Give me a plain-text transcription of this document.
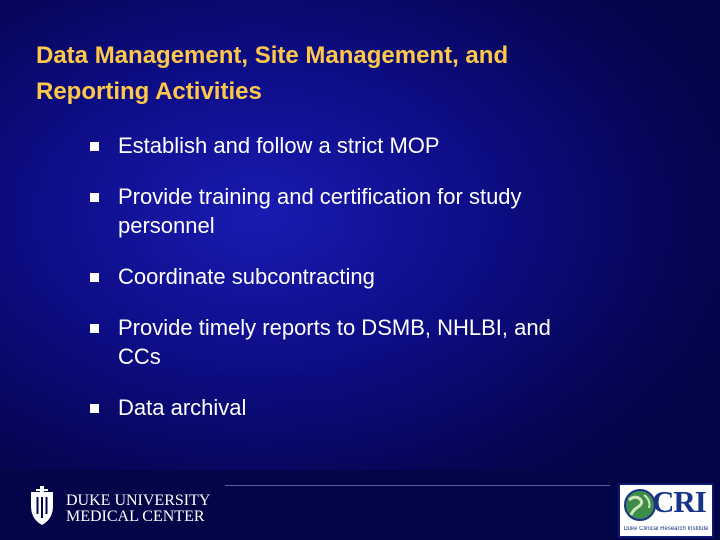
Data Management, Site Management, and
Reporting Activities
Establish and follow a strict MOP
Provide training and certification for study
personnel
Coordinate subcontracting
Provide timely reports to DSMB, NHLBI, and
CCs
Data archival
DUKE UNIVERSITY
MEDICAL CENTER	CRI
Duke Clinical Research Institute
